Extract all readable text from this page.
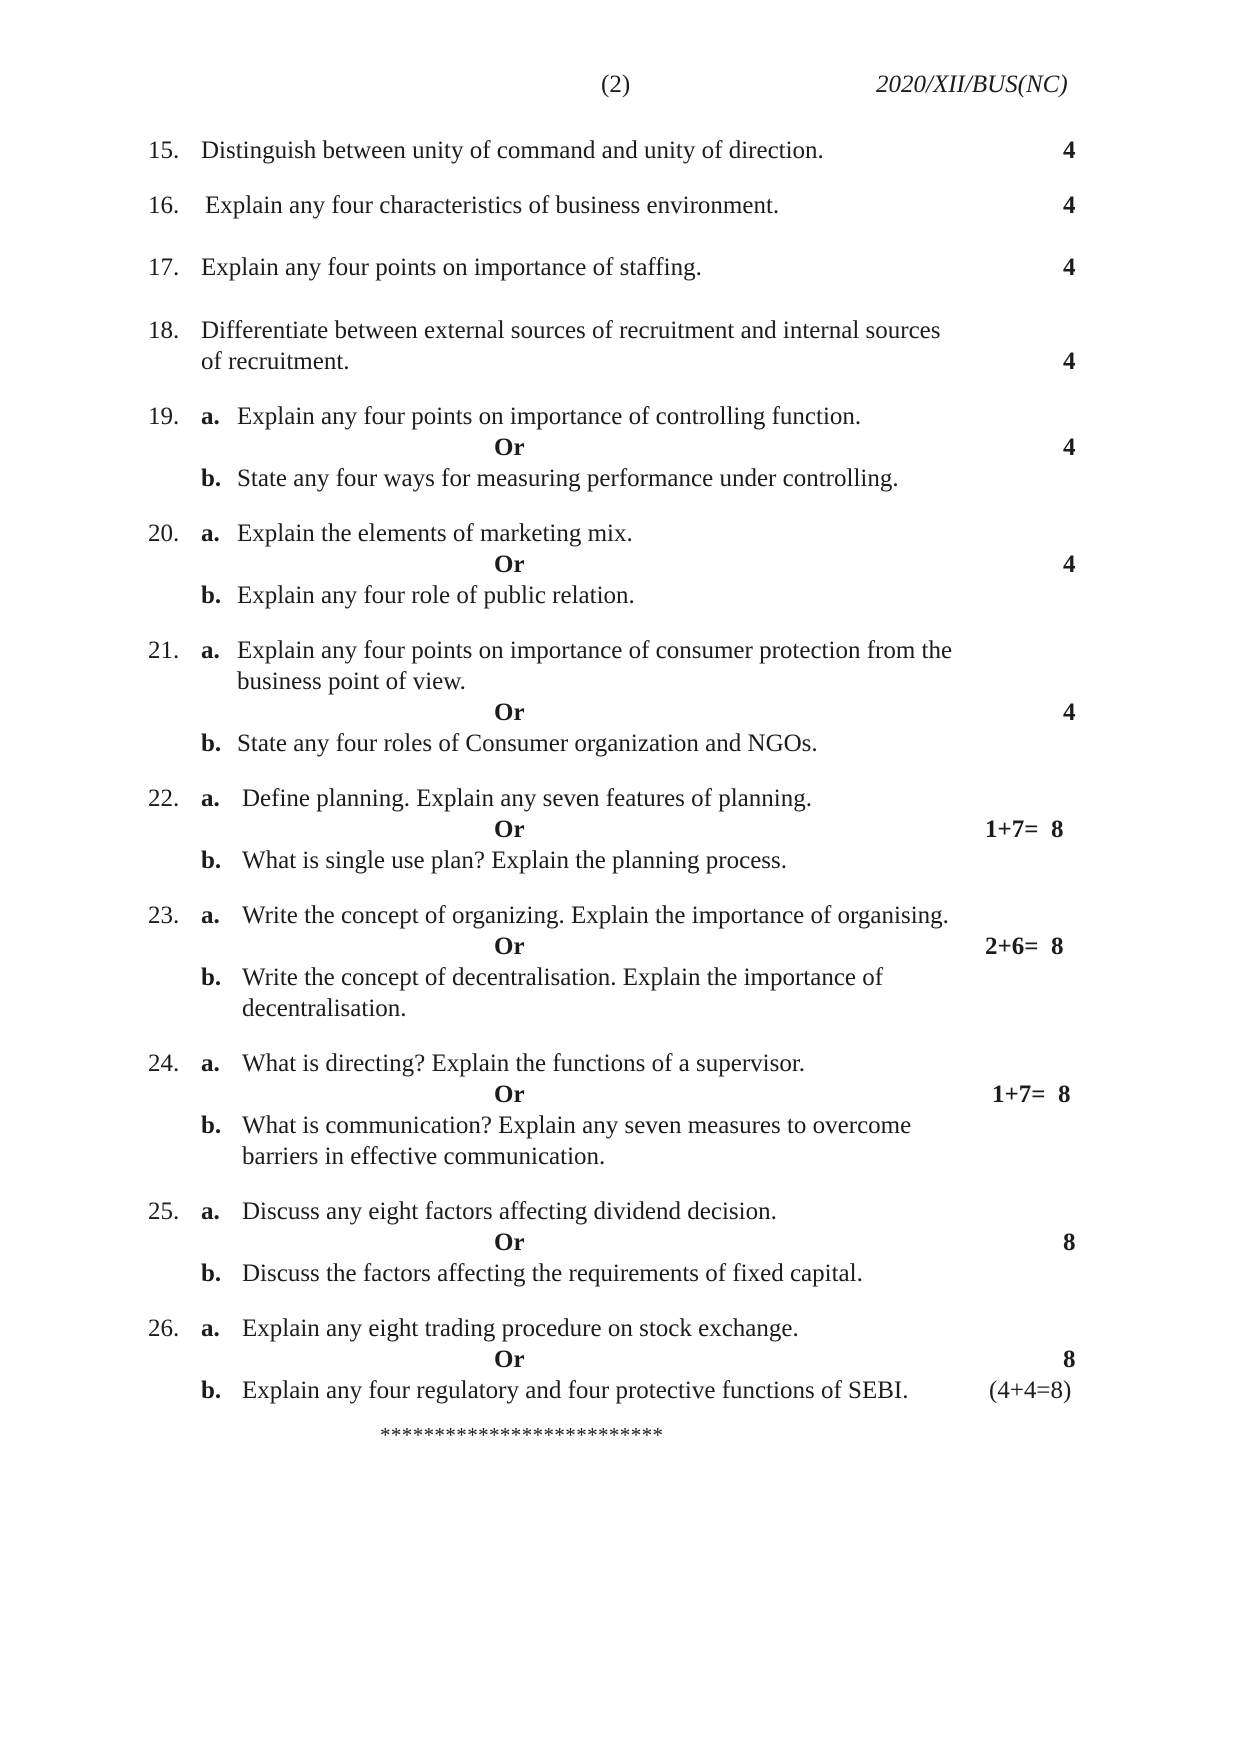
(2)	2020/XII/BUS(NC)
15. Distinguish between unity of command and unity of direction.	4
16. Explain any four characteristics of business environment.	4
17. Explain any four points on importance of staffing.	4
18. Differentiate between external sources of recruitment and internal sources
of recruitment.	4
19. a. Explain any four points on importance of controlling function.
Or	4
b. State any four ways for measuring performance under controlling.
20. a. Explain the elements of marketing mix.
Or	4
b. Explain any four role of public relation.
21. a. Explain any four points on importance of consumer protection from the
business point of view.
Or	4
b. State any four roles of Consumer organization and NGOs.
22. a. Define planning. Explain any seven features of planning.
Or	1+7=  8
b. What is single use plan? Explain the planning process.
23. a. Write the concept of organizing. Explain the importance of organising.
Or	2+6=  8
b. Write the concept of decentralisation. Explain the importance of
decentralisation.
24. a. What is directing? Explain the functions of a supervisor.
Or	1+7=  8
b. What is communication? Explain any seven measures to overcome
barriers in effective communication.
25. a. Discuss any eight factors affecting dividend decision.
Or	8
b. Discuss the factors affecting the requirements of fixed capital.
26. a. Explain any eight trading procedure on stock exchange.
Or	8
b. Explain any four regulatory and four protective functions of SEBI.	(4+4=8)
**************************
